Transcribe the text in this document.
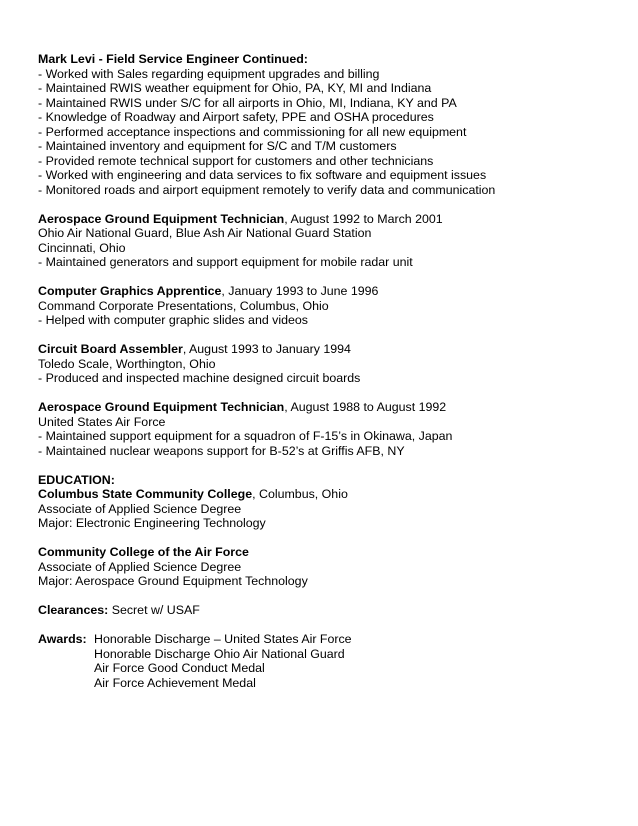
Mark Levi - Field Service Engineer Continued:
- Worked with Sales regarding equipment upgrades and billing
- Maintained RWIS weather equipment for Ohio, PA, KY, MI and Indiana
- Maintained RWIS under S/C for all airports in Ohio, MI, Indiana, KY and PA
- Knowledge of Roadway and Airport safety, PPE and OSHA procedures
- Performed acceptance inspections and commissioning for all new equipment
- Maintained inventory and equipment for S/C and T/M customers
- Provided remote technical support for customers and other technicians
- Worked with engineering and data services to fix software and equipment issues
- Monitored roads and airport equipment remotely to verify data and communication
Aerospace Ground Equipment Technician, August 1992 to March 2001
Ohio Air National Guard, Blue Ash Air National Guard Station
Cincinnati, Ohio
- Maintained generators and support equipment for mobile radar unit
Computer Graphics Apprentice, January 1993 to June 1996
Command Corporate Presentations, Columbus, Ohio
- Helped with computer graphic slides and videos
Circuit Board Assembler, August 1993 to January 1994
Toledo Scale, Worthington, Ohio
- Produced and inspected machine designed circuit boards
Aerospace Ground Equipment Technician, August 1988 to August 1992
United States Air Force
- Maintained support equipment for a squadron of F-15’s in Okinawa, Japan
- Maintained nuclear weapons support for B-52’s at Griffis AFB, NY
EDUCATION:
Columbus State Community College, Columbus, Ohio
Associate of Applied Science Degree
Major: Electronic Engineering Technology
Community College of the Air Force
Associate of Applied Science Degree
Major: Aerospace Ground Equipment Technology
Clearances: Secret w/ USAF
Awards: Honorable Discharge – United States Air Force
Honorable Discharge Ohio Air National Guard
Air Force Good Conduct Medal
Air Force Achievement Medal
